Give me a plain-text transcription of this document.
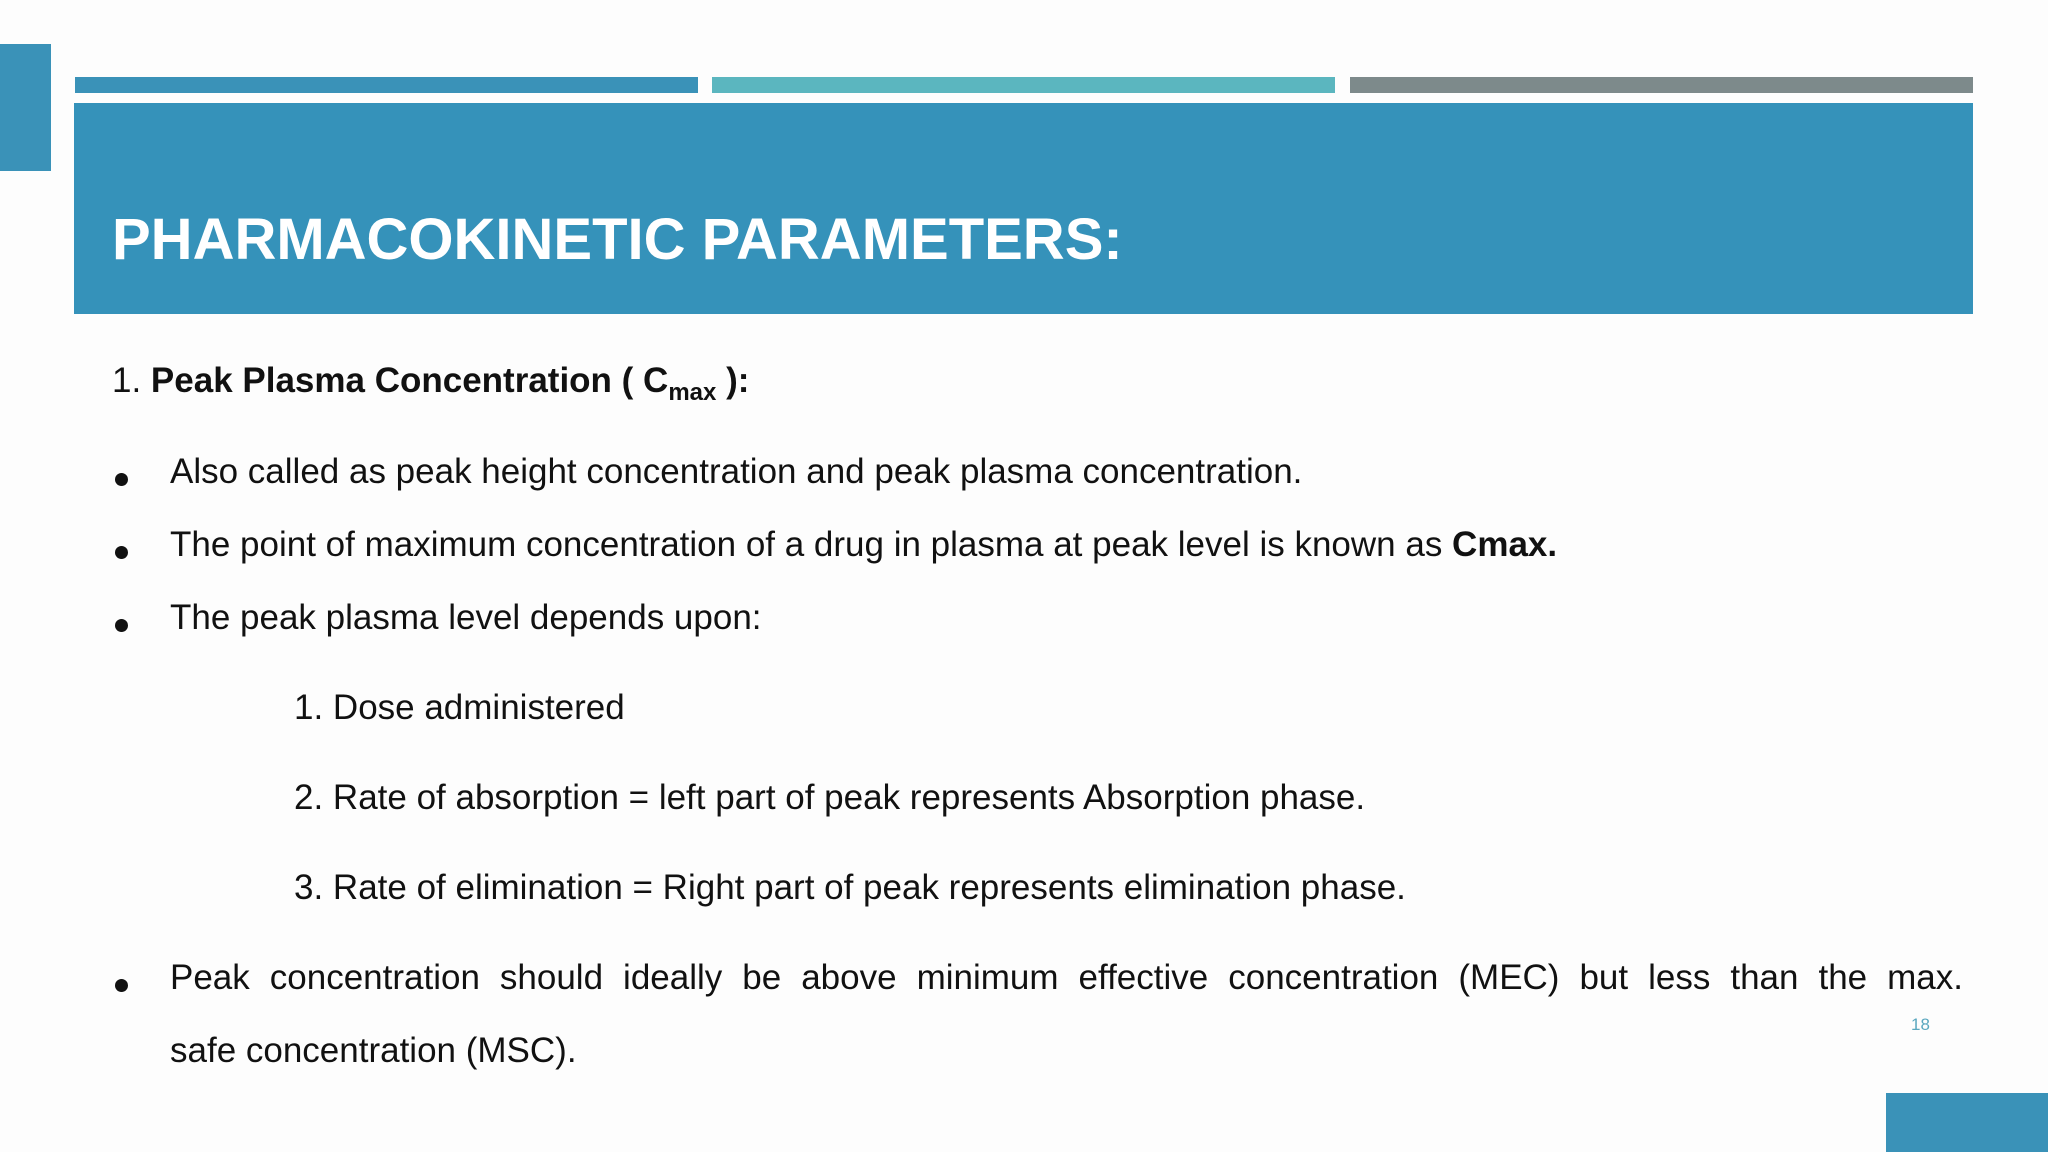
PHARMACOKINETIC PARAMETERS:
1. Peak Plasma Concentration ( $C_{max}$ ):
Also called as peak height concentration and peak plasma concentration.
The point of maximum concentration of a drug in plasma at peak level is known as Cmax.
The peak plasma level depends upon:
1. Dose administered
2. Rate of absorption = left part of peak represents Absorption phase.
3. Rate of elimination = Right part of peak represents elimination phase.
Peak concentration should ideally be above minimum effective concentration (MEC) but less than the max.
safe concentration (MSC).
18
